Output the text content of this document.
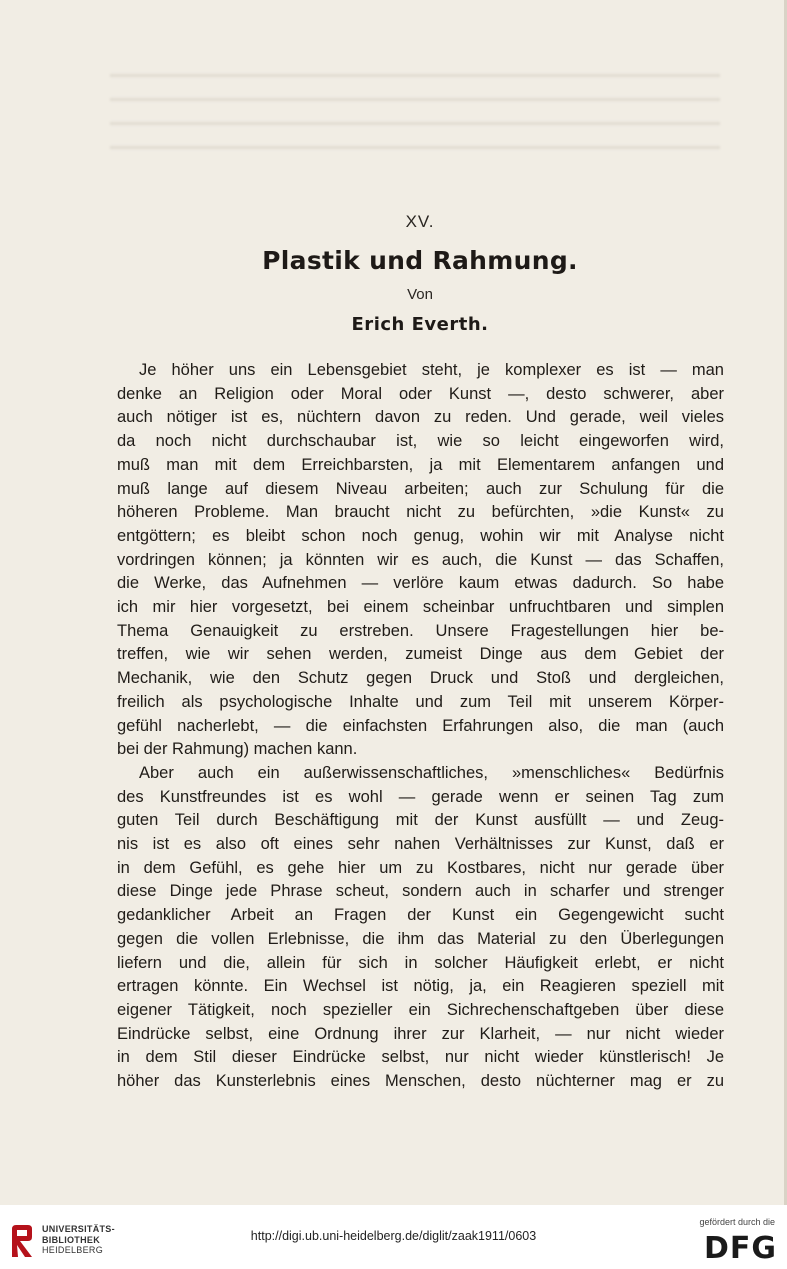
XV.
Plastik und Rahmung.
Von
Erich Everth.
Je höher uns ein Lebensgebiet steht, je komplexer es ist — man
denke an Religion oder Moral oder Kunst —, desto schwerer, aber
auch nötiger ist es, nüchtern davon zu reden. Und gerade, weil vieles
da noch nicht durchschaubar ist, wie so leicht eingeworfen wird,
muß man mit dem Erreichbarsten, ja mit Elementarem anfangen und
muß lange auf diesem Niveau arbeiten; auch zur Schulung für die
höheren Probleme. Man braucht nicht zu befürchten, »die Kunst« zu
entgöttern; es bleibt schon noch genug, wohin wir mit Analyse nicht
vordringen können; ja könnten wir es auch, die Kunst — das Schaffen,
die Werke, das Aufnehmen — verlöre kaum etwas dadurch. So habe
ich mir hier vorgesetzt, bei einem scheinbar unfruchtbaren und simplen
Thema Genauigkeit zu erstreben. Unsere Fragestellungen hier be-
treffen, wie wir sehen werden, zumeist Dinge aus dem Gebiet der
Mechanik, wie den Schutz gegen Druck und Stoß und dergleichen,
freilich als psychologische Inhalte und zum Teil mit unserem Körper-
gefühl nacherlebt, — die einfachsten Erfahrungen also, die man (auch
bei der Rahmung) machen kann.
Aber auch ein außerwissenschaftliches, »menschliches« Bedürfnis
des Kunstfreundes ist es wohl — gerade wenn er seinen Tag zum
guten Teil durch Beschäftigung mit der Kunst ausfüllt — und Zeug-
nis ist es also oft eines sehr nahen Verhältnisses zur Kunst, daß er
in dem Gefühl, es gehe hier um zu Kostbares, nicht nur gerade über
diese Dinge jede Phrase scheut, sondern auch in scharfer und strenger
gedanklicher Arbeit an Fragen der Kunst ein Gegengewicht sucht
gegen die vollen Erlebnisse, die ihm das Material zu den Überlegungen
liefern und die, allein für sich in solcher Häufigkeit erlebt, er nicht
ertragen könnte. Ein Wechsel ist nötig, ja, ein Reagieren speziell mit
eigener Tätigkeit, noch spezieller ein Sichrechenschaftgeben über diese
Eindrücke selbst, eine Ordnung ihrer zur Klarheit, — nur nicht wieder
in dem Stil dieser Eindrücke selbst, nur nicht wieder künstlerisch! Je
höher das Kunsterlebnis eines Menschen, desto nüchterner mag er zu
UNIVERSITÄTS-
BIBLIOTHEK
HEIDELBERG
http://digi.ub.uni-heidelberg.de/diglit/zaak1911/0603
gefördert durch die
DFG
